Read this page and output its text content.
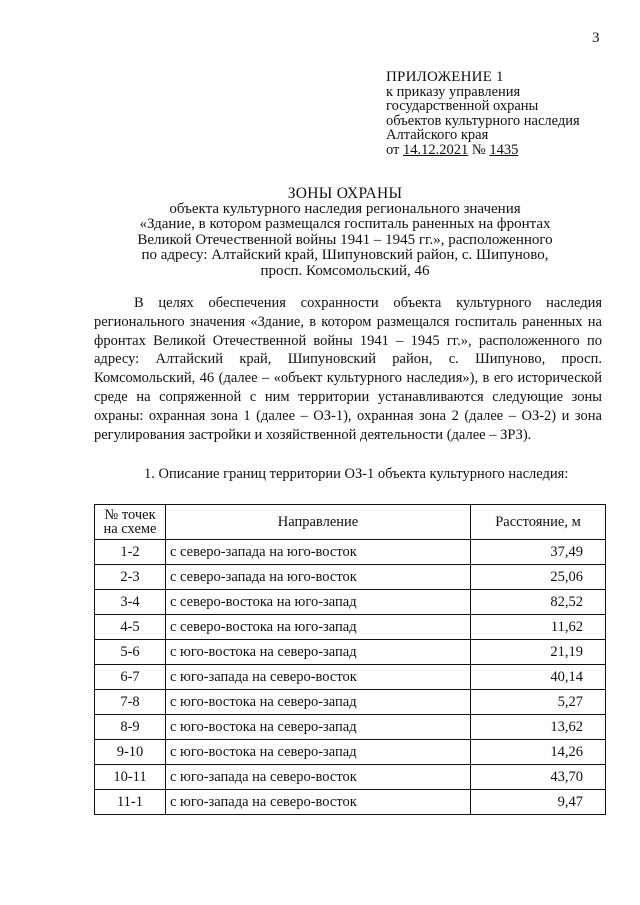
3
ПРИЛОЖЕНИЕ 1
к приказу управления
государственной охраны
объектов культурного наследия
Алтайского края
от 14.12.2021 № 1435
ЗОНЫ ОХРАНЫ
объекта культурного наследия регионального значения
«Здание, в котором размещался госпиталь раненных на фронтах
Великой Отечественной войны 1941 – 1945 гг.», расположенного
по адресу: Алтайский край, Шипуновский район, с. Шипуново,
просп. Комсомольский, 46

В целях обеспечения сохранности объекта культурного наследия регионального значения «Здание, в котором размещался госпиталь раненных на фронтах Великой Отечественной войны 1941 – 1945 гг.», расположенного по адресу: Алтайский край, Шипуновский район, с. Шипуново, просп. Комсомольский, 46 (далее – «объект культурного наследия»), в его исторической среде на сопряженной с ним территории устанавливаются следующие зоны охраны: охранная зона 1 (далее – ОЗ-1), охранная зона 2 (далее – ОЗ-2) и зона регулирования застройки и хозяйственной деятельности (далее – ЗРЗ).

1. Описание границ территории ОЗ-1 объекта культурного наследия:
№ точек
на схеме	Направление	Расстояние, м
1-2	с северо-запада на юго-восток	37,49
2-3	с северо-запада на юго-восток	25,06
3-4	с северо-востока на юго-запад	82,52
4-5	с северо-востока на юго-запад	11,62
5-6	с юго-востока на северо-запад	21,19
6-7	с юго-запада на северо-восток	40,14
7-8	с юго-востока на северо-запад	5,27
8-9	с юго-востока на северо-запад	13,62
9-10	с юго-востока на северо-запад	14,26
10-11	с юго-запада на северо-восток	43,70
11-1	с юго-запада на северо-восток	9,47
